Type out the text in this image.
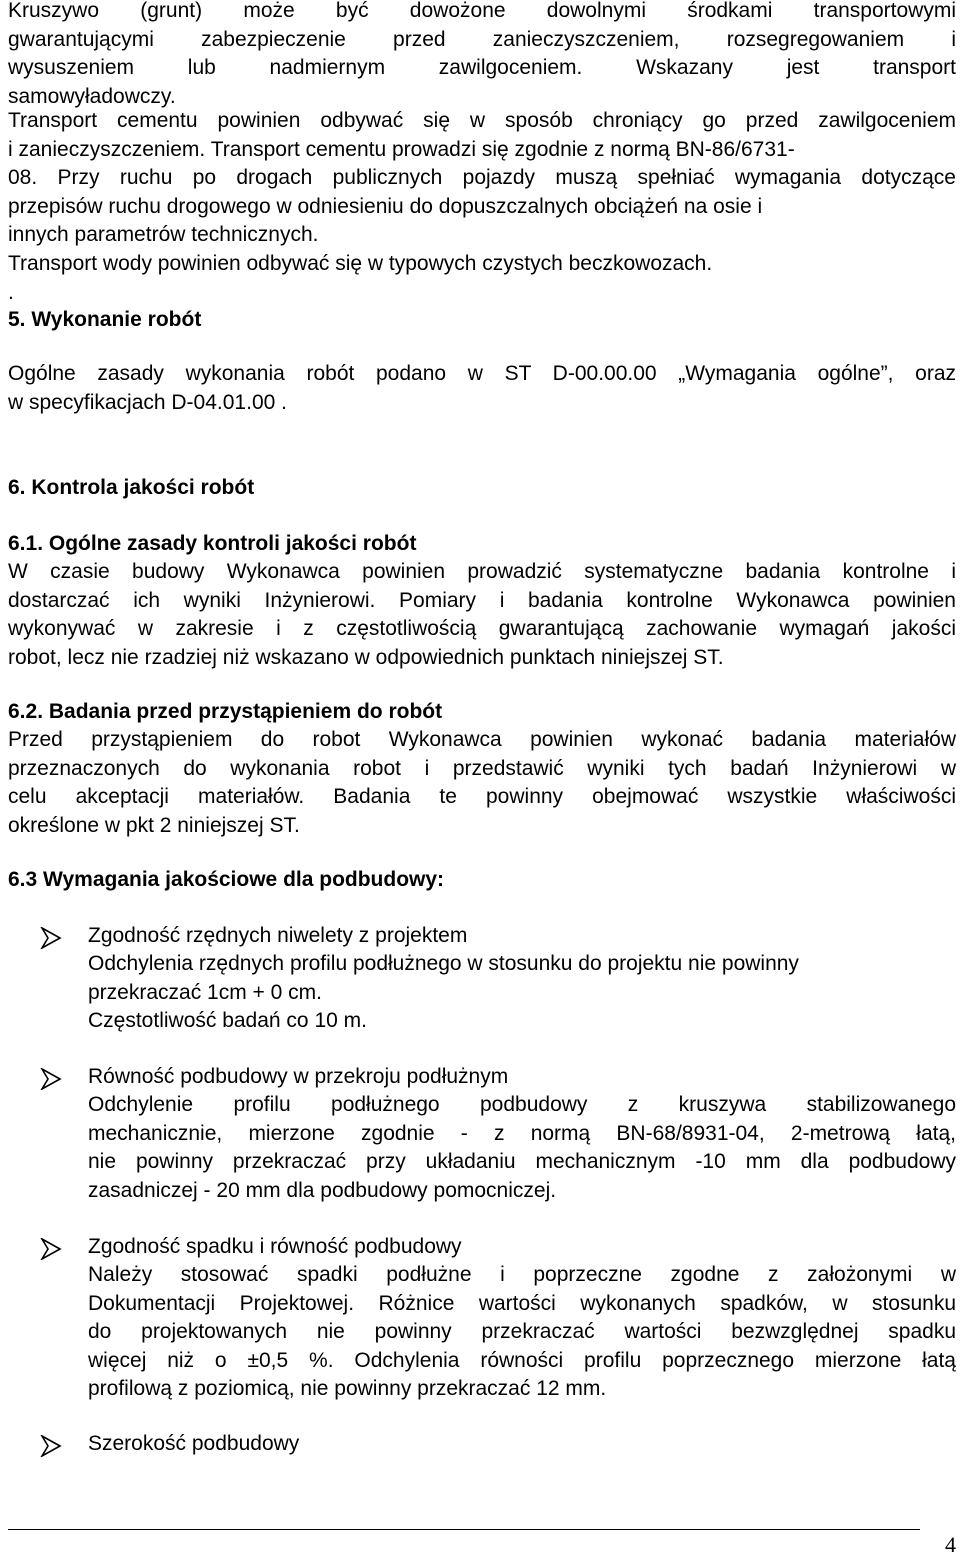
Kruszywo (grunt) może być dowożone dowolnymi środkami transportowymi
gwarantującymi zabezpieczenie przed zanieczyszczeniem, rozsegregowaniem i
wysuszeniem lub nadmiernym zawilgoceniem. Wskazany jest transport
samowyładowczy.
Transport cementu powinien odbywać się w sposób chroniący go przed zawilgoceniem
i zanieczyszczeniem. Transport cementu prowadzi się zgodnie z normą BN-86/6731-
08. Przy ruchu po drogach publicznych pojazdy muszą spełniać wymagania dotyczące
przepisów ruchu drogowego w odniesieniu do dopuszczalnych obciążeń na osie i
innych parametrów technicznych.
Transport wody powinien odbywać się w typowych czystych beczkowozach.
.
5. Wykonanie robót
Ogólne zasady wykonania robót podano w ST D-00.00.00 „Wymagania ogólne”, oraz
w specyfikacjach D-04.01.00 .
6. Kontrola jakości robót
6.1. Ogólne zasady kontroli jakości robót
W czasie budowy Wykonawca powinien prowadzić systematyczne badania kontrolne i
dostarczać ich wyniki Inżynierowi. Pomiary i badania kontrolne Wykonawca powinien
wykonywać w zakresie i z częstotliwością gwarantującą zachowanie wymagań jakości
robot, lecz nie rzadziej niż wskazano w odpowiednich punktach niniejszej ST.
6.2. Badania przed przystąpieniem do robót
Przed przystąpieniem do robot Wykonawca powinien wykonać badania materiałów
przeznaczonych do wykonania robot i przedstawić wyniki tych badań Inżynierowi w
celu akceptacji materiałów. Badania te powinny obejmować wszystkie właściwości
określone w pkt 2 niniejszej ST.
6.3 Wymagania jakościowe dla podbudowy:
Zgodność rzędnych niwelety z projektem
Odchylenia rzędnych profilu podłużnego w stosunku do projektu nie powinny
przekraczać 1cm + 0 cm.
Częstotliwość badań co 10 m.
Równość podbudowy w przekroju podłużnym
Odchylenie profilu podłużnego podbudowy z kruszywa stabilizowanego
mechanicznie, mierzone zgodnie - z normą BN-68/8931-04, 2-metrową łatą,
nie powinny przekraczać przy układaniu mechanicznym -10 mm dla podbudowy
zasadniczej - 20 mm dla podbudowy pomocniczej.
Zgodność spadku i równość podbudowy
Należy stosować spadki podłużne i poprzeczne zgodne z założonymi w
Dokumentacji Projektowej. Różnice wartości wykonanych spadków, w stosunku
do projektowanych nie powinny przekraczać wartości bezwzględnej spadku
więcej niż o ±0,5 %. Odchylenia równości profilu poprzecznego mierzone łatą
profilową z poziomicą, nie powinny przekraczać 12 mm.
Szerokość podbudowy
4
